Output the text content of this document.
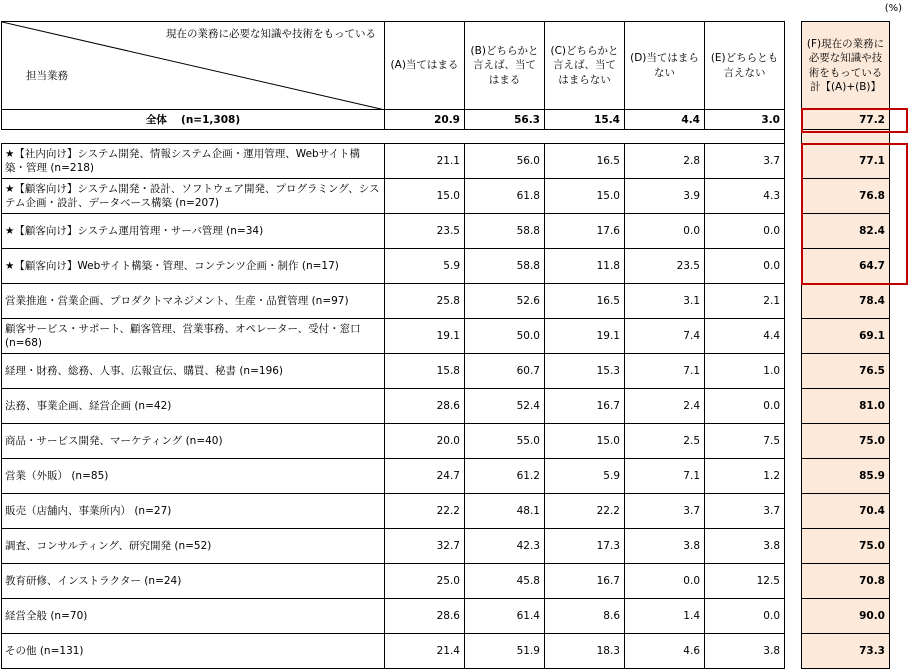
(%)
現在の業務に必要な知識や技術をもっている
担当業務	(A)当てはまる	(B)どちらかと言えば、当てはまる	(C)どちらかと言えば、当てはまらない	(D)当てはまらない	(E)どちらとも言えない		(F)現在の業務に必要な知識や技術をもっている計【(A)+(B)】
全体　 (n=1,308)	20.9	56.3	15.4	4.4	3.0		77.2

★【社内向け】システム開発、情報システム企画・運用管理、Webサイト構築・管理 (n=218)	21.1	56.0	16.5	2.8	3.7		77.1
★【顧客向け】システム開発・設計、ソフトウェア開発、プログラミング、システム企画・設計、データベース構築 (n=207)	15.0	61.8	15.0	3.9	4.3		76.8
★【顧客向け】システム運用管理・サーバ管理 (n=34)	23.5	58.8	17.6	0.0	0.0		82.4
★【顧客向け】Webサイト構築・管理、コンテンツ企画・制作 (n=17)	5.9	58.8	11.8	23.5	0.0		64.7
営業推進・営業企画、プロダクトマネジメント、生産・品質管理 (n=97)	25.8	52.6	16.5	3.1	2.1		78.4
顧客サービス・サポート、顧客管理、営業事務、オペレーター、受付・窓口 (n=68)	19.1	50.0	19.1	7.4	4.4		69.1
経理・財務、総務、人事、広報宣伝、購買、秘書 (n=196)	15.8	60.7	15.3	7.1	1.0		76.5
法務、事業企画、経営企画 (n=42)	28.6	52.4	16.7	2.4	0.0		81.0
商品・サービス開発、マーケティング (n=40)	20.0	55.0	15.0	2.5	7.5		75.0
営業（外販） (n=85)	24.7	61.2	5.9	7.1	1.2		85.9
販売（店舗内、事業所内） (n=27)	22.2	48.1	22.2	3.7	3.7		70.4
調査、コンサルティング、研究開発 (n=52)	32.7	42.3	17.3	3.8	3.8		75.0
教育研修、インストラクター (n=24)	25.0	45.8	16.7	0.0	12.5		70.8
経営全般 (n=70)	28.6	61.4	8.6	1.4	0.0		90.0
その他 (n=131)	21.4	51.9	18.3	4.6	3.8		73.3
